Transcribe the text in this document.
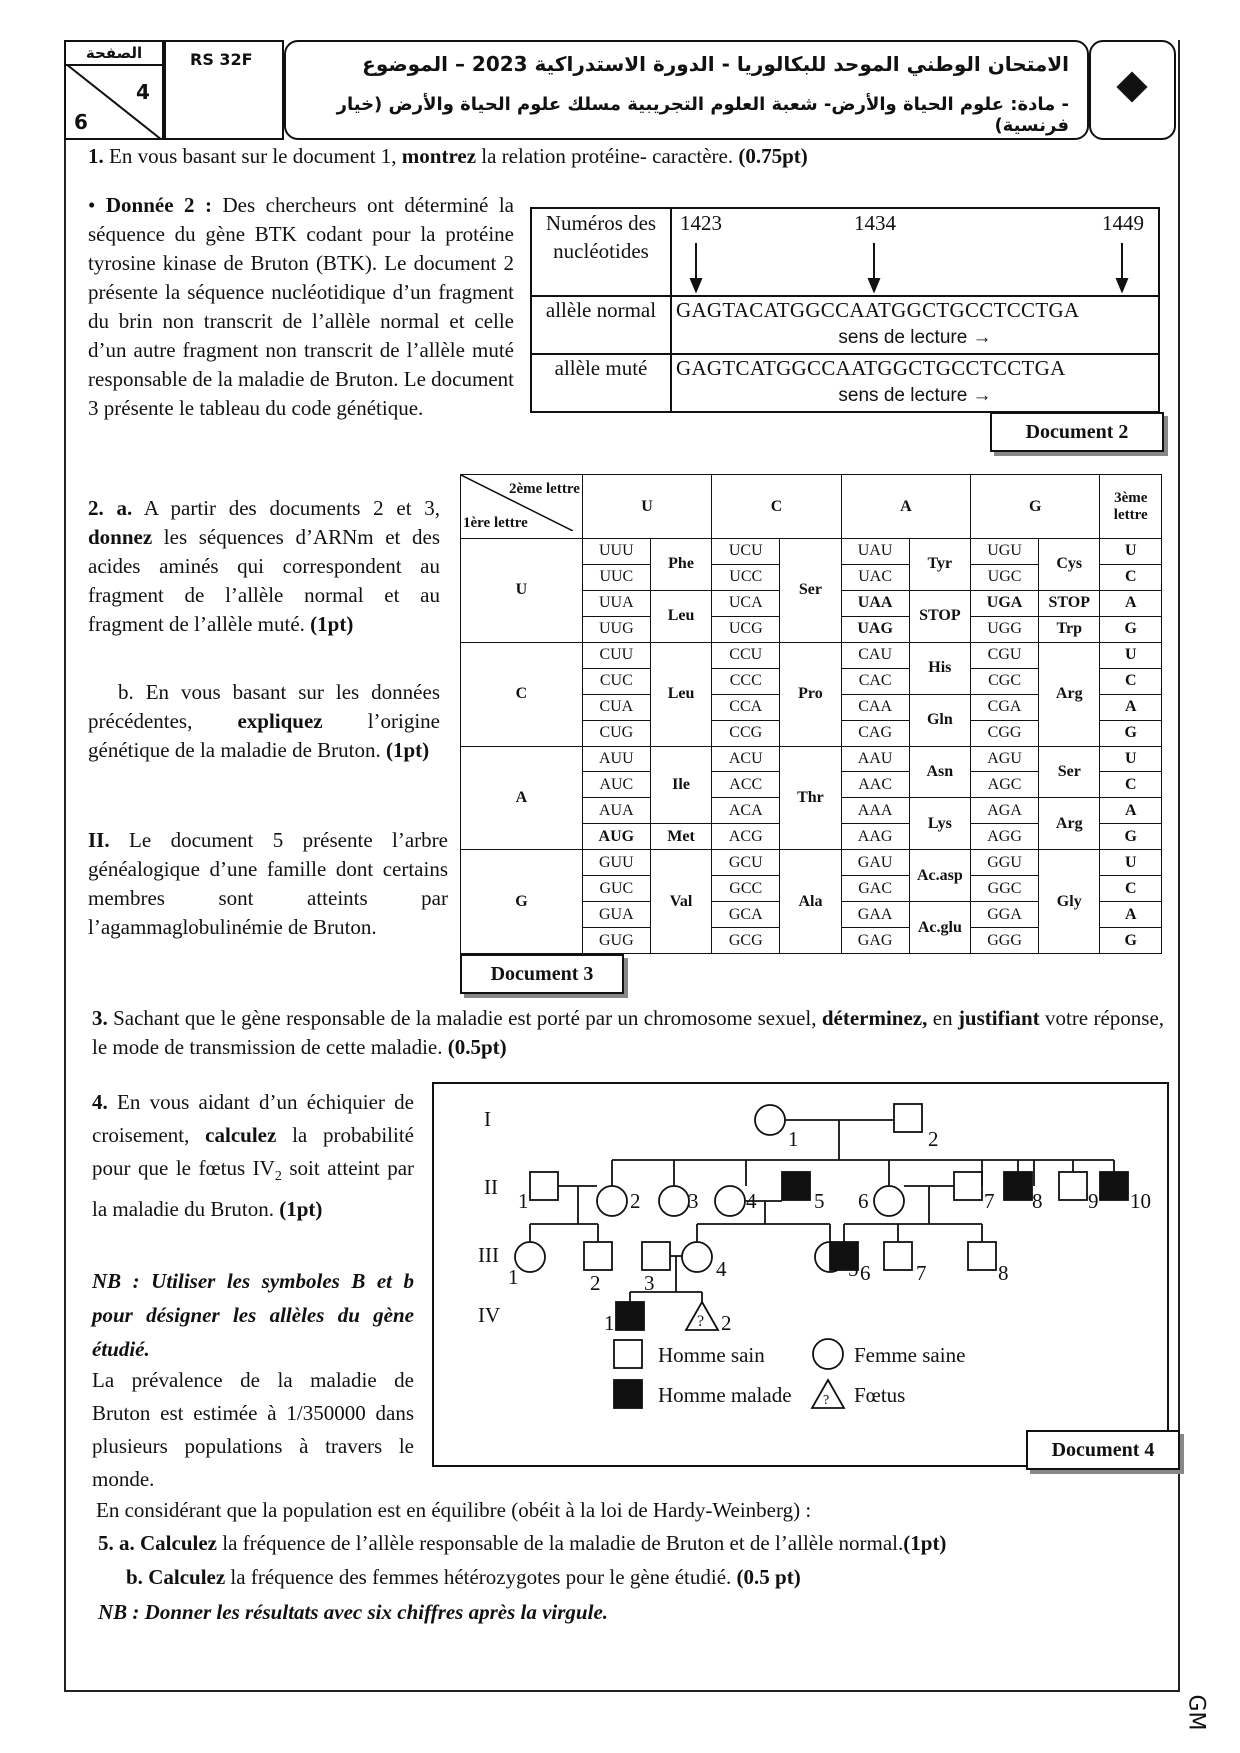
الصفحة
4
6
RS 32F	الامتحان الوطني الموحد للبكالوريا - الدورة الاستدراكية 2023 – الموضوع
- مادة: علوم الحياة والأرض- شعبة العلوم التجريبية مسلك علوم الحياة والأرض (خيار فرنسية)
1. En vous basant sur le document 1, montrez la relation protéine- caractère. (0.75pt)
• Donnée 2 : Des chercheurs ont déterminé la séquence du gène BTK codant pour la protéine tyrosine kinase de Bruton (BTK). Le document 2 présente la séquence nucléotidique d’un fragment du brin non transcrit de l’allèle normal et celle d’un autre fragment non transcrit de l’allèle muté responsable de la maladie de Bruton. Le document 3 présente le tableau du code génétique.
Numéros des nucléotides	1423 1434 1449

allèle normal	GAGTACATGGCCAATGGCTGCCTCCTGA
sens de lecture →

allèle muté	GAGTCATGGCCAATGGCTGCCTCCTGA
sens de lecture →
Document 2
2. a. A partir des documents 2 et 3, donnez les séquences d’ARNm et des acides aminés qui correspondent au fragment de l’allèle normal et au fragment de l’allèle muté. (1pt)
b. En vous basant sur les données précédentes, expliquez l’origine génétique de la maladie de Bruton. (1pt)
II. Le document 5 présente l’arbre généalogique d’une famille dont certains membres sont atteints par l’agammaglobulinémie de Bruton.
2ème lettre
1ère lettre	U		C		A		G		3ème lettre
U	UUU	Phe	UCU	Ser	UAU	Tyr	UGU	Cys	U
	UUC		UCC		UAC		UGC		C
	UUA	Leu	UCA		UAA	STOP	UGA	STOP	A
	UUG		UCG		UAG		UGG	Trp	G
C	CUU	Leu	CCU	Pro	CAU	His	CGU	Arg	U
	CUC		CCC		CAC		CGC		C
	CUA		CCA		CAA	Gln	CGA		A
	CUG		CCG		CAG		CGG		G
A	AUU	Ile	ACU	Thr	AAU	Asn	AGU	Ser	U
	AUC		ACC		AAC		AGC		C
	AUA		ACA		AAA	Lys	AGA	Arg	A
	AUG	Met	ACG		AAG		AGG		G
G	GUU	Val	GCU	Ala	GAU	Ac.asp	GGU	Gly	U
	GUC		GCC		GAC		GGC		C
	GUA		GCA		GAA	Ac.glu	GGA		A
	GUG		GCG		GAG		GGG		G
Document 3
3. Sachant que le gène responsable de la maladie est porté par un chromosome sexuel, déterminez, en justifiant votre réponse, le mode de transmission de cette maladie. (0.5pt)
4. En vous aidant d’un échiquier de croisement, calculez la probabilité pour que le fœtus $IV_2$ soit atteint par la maladie du Bruton. (1pt)
NB : Utiliser les symboles B et b pour désigner les allèles du gène étudié.
La prévalence de la maladie de Bruton est estimée à 1/350000 dans plusieurs populations à travers le monde.
I
II
III
IV
1	2
1	2 3 4	5 6	7 8 9 10
1	2 3
4	5 6 7	8
1	2
?
?
Homme sain	Femme saine
Homme malade	Fœtus
Document 4
En considérant que la population est en équilibre (obéit à la loi de Hardy-Weinberg) :
5. a. Calculez la fréquence de l’allèle responsable de la maladie de Bruton et de l’allèle normal.(1pt)
b. Calculez la fréquence des femmes hétérozygotes pour le gène étudié. (0.5 pt)
NB : Donner les résultats avec six chiffres après la virgule.
GM
